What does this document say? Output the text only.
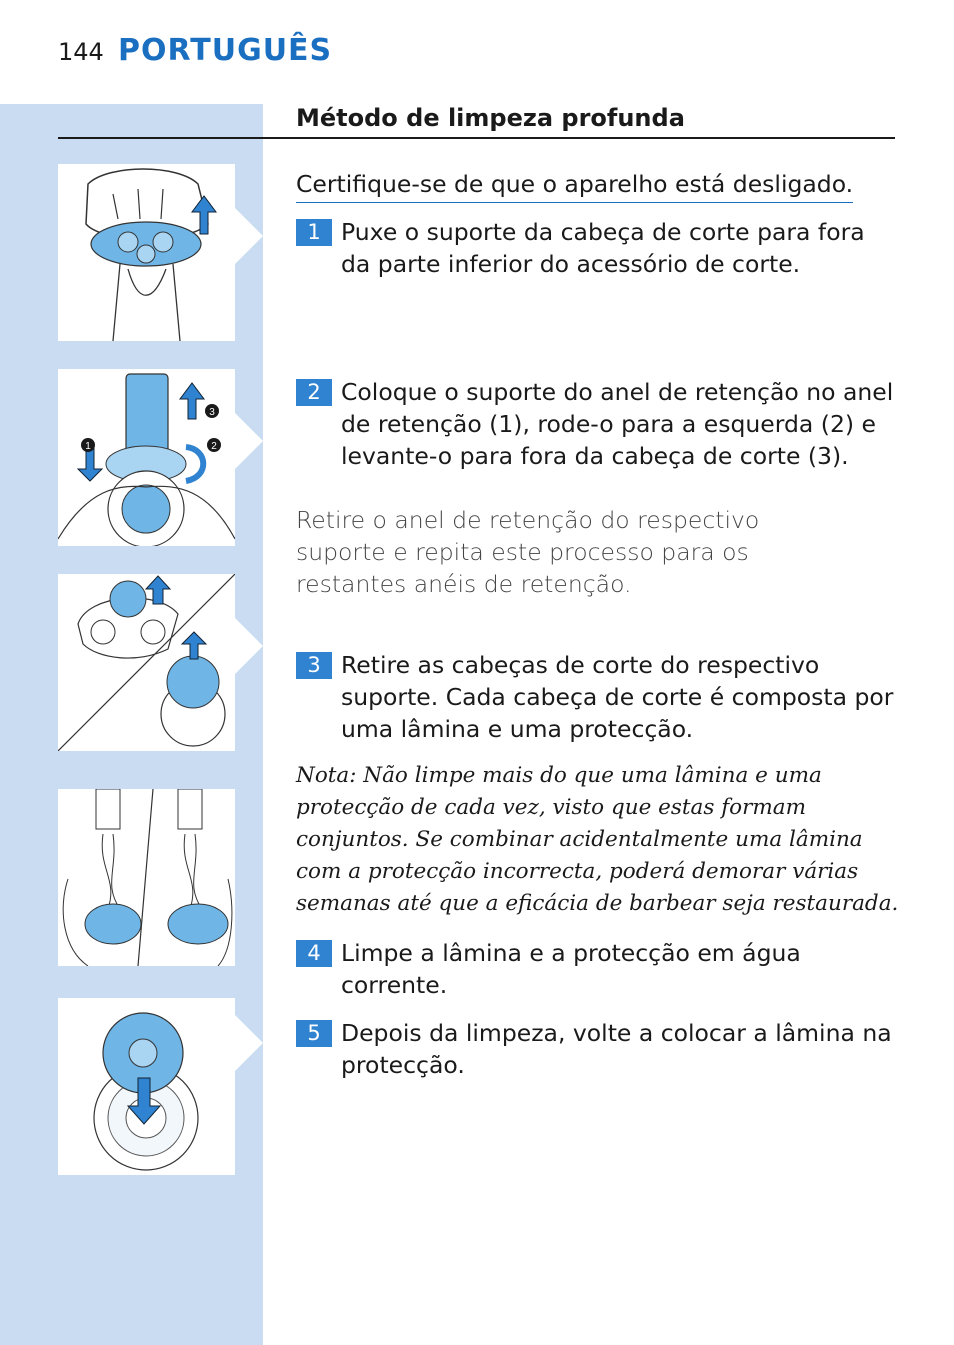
144 PORTUGUÊS
Método de limpeza profunda
1	2
3
Certifique-se de que o aparelho está desligado.
1 Puxe o suporte da cabeça de corte para fora da parte inferior do acessório de corte.
2 Coloque o suporte do anel de retenção no anel de retenção (1), rode-o para a esquerda (2) e levante-o para fora da cabeça de corte (3).
Retire o anel de retenção do respectivo suporte e repita este processo para os restantes anéis de retenção.
3 Retire as cabeças de corte do respectivo suporte. Cada cabeça de corte é composta por uma lâmina e uma protecção.
Nota: Não limpe mais do que uma lâmina e uma protecção de cada vez, visto que estas formam conjuntos. Se combinar acidentalmente uma lâmina com a protecção incorrecta, poderá demorar várias semanas até que a eficácia de barbear seja restaurada.
4 Limpe a lâmina e a protecção em água corrente.
5 Depois da limpeza, volte a colocar a lâmina na protecção.
